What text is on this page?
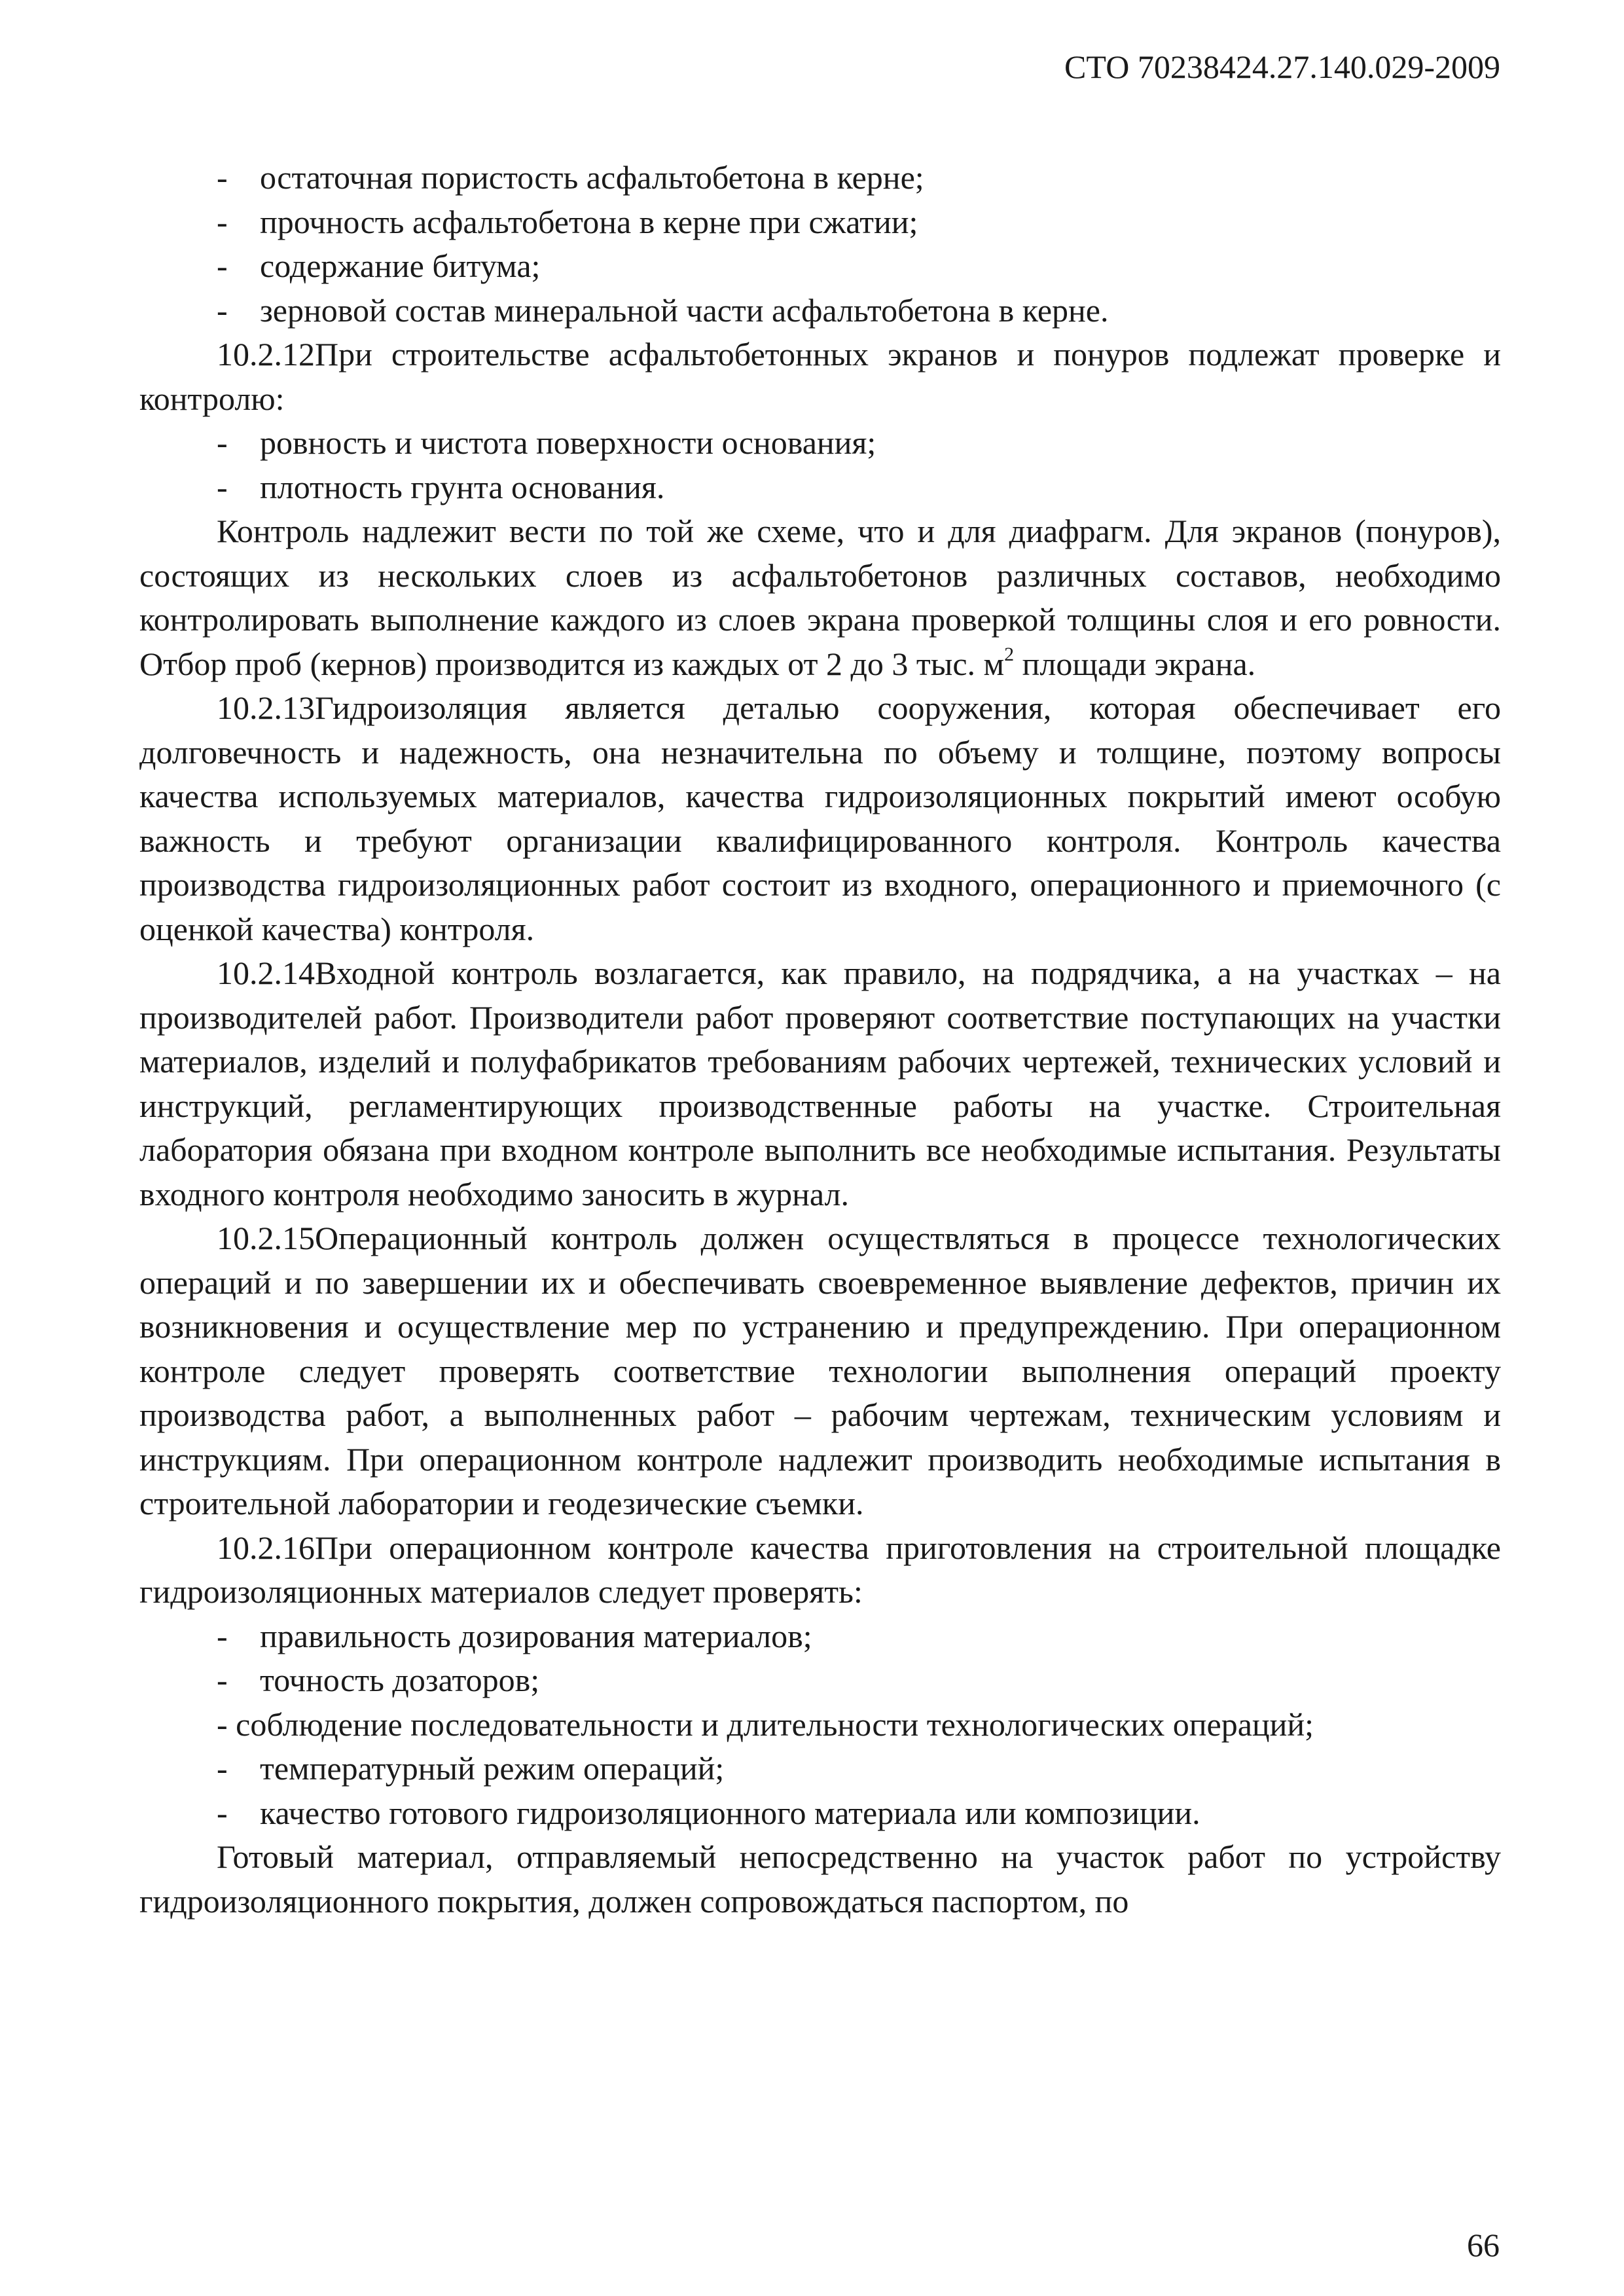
СТО 70238424.27.140.029-2009

- остаточная пористость асфальтобетона в керне;

- прочность асфальтобетона в керне при сжатии;

- содержание битума;

- зерновой состав минеральной части асфальтобетона в керне.

10.2.12При строительстве асфальтобетонных экранов и понуров подлежат проверке и контролю:

- ровность и чистота поверхности основания;

- плотность грунта основания.

Контроль надлежит вести по той же схеме, что и для диафрагм. Для экранов (понуров), состоящих из нескольких слоев из асфальтобетонов различных составов, необходимо контролировать выполнение каждого из слоев экрана проверкой толщины слоя и его ровности. Отбор проб (кернов) производится из каждых от 2 до 3 тыс. $м^2$ площади экрана.

10.2.13Гидроизоляция является деталью сооружения, которая обеспечивает его долговечность и надежность, она незначительна по объему и толщине, поэтому вопросы качества используемых материалов, качества гидроизоляционных покрытий имеют особую важность и требуют организации квалифицированного контроля. Контроль качества производства гидроизоляционных работ состоит из входного, операционного и приемочного (с оценкой качества) контроля.

10.2.14Входной контроль возлагается, как правило, на подрядчика, а на участках – на производителей работ. Производители работ проверяют соответствие поступающих на участки материалов, изделий и полуфабрикатов требованиям рабочих чертежей, технических условий и инструкций, регламентирующих производственные работы на участке. Строительная лаборатория обязана при входном контроле выполнить все необходимые испытания. Результаты входного контроля необходимо заносить в журнал.

10.2.15Операционный контроль должен осуществляться в процессе технологических операций и по завершении их и обеспечивать своевременное выявление дефектов, причин их возникновения и осуществление мер по устранению и предупреждению. При операционном контроле следует проверять соответствие технологии выполнения операций проекту производства работ, а выполненных работ – рабочим чертежам, техническим условиям и инструкциям. При операционном контроле надлежит производить необходимые испытания в строительной лаборатории и геодезические съемки.

10.2.16При операционном контроле качества приготовления на строительной площадке гидроизоляционных материалов следует проверять:

- правильность дозирования материалов;

- точность дозаторов;

- соблюдение последовательности и длительности технологических операций;

- температурный режим операций;

- качество готового гидроизоляционного материала или композиции.

Готовый материал, отправляемый непосредственно на участок работ по устройству гидроизоляционного покрытия, должен сопровождаться паспортом, по

66
